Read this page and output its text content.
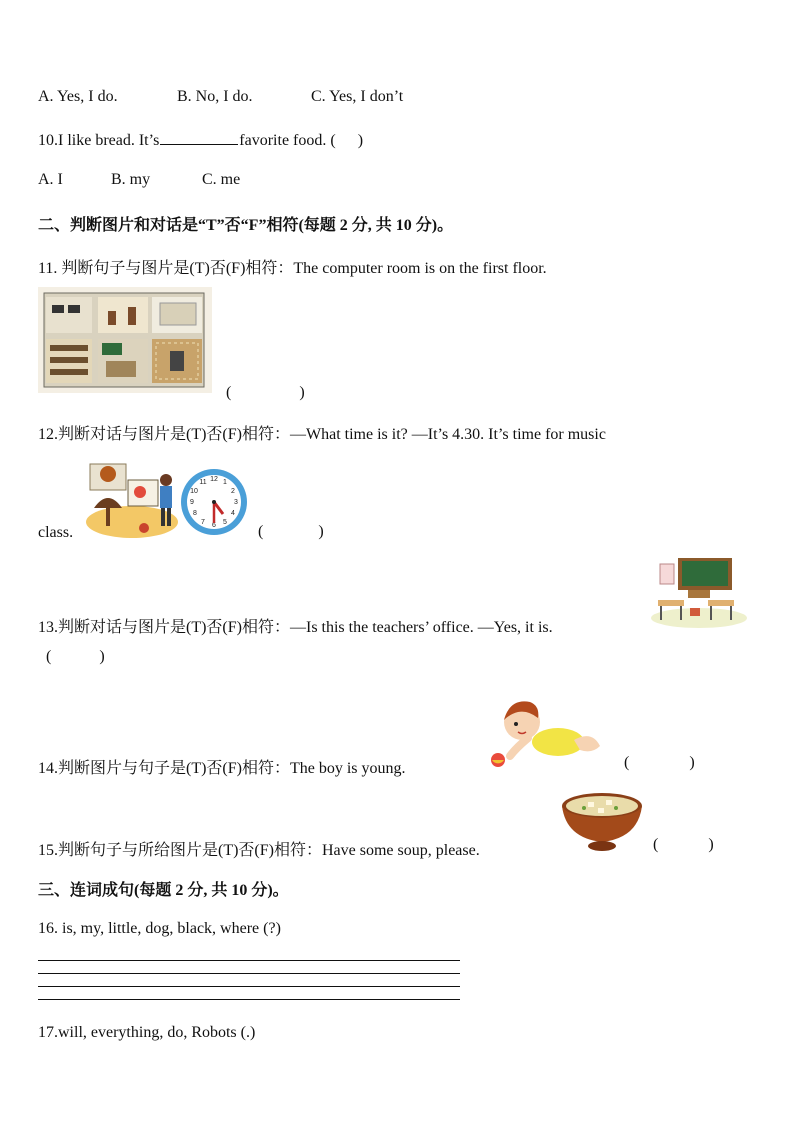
A. Yes, I do.	B. No, I do.	C. Yes, I don’t
10.I like bread. It’s	favorite food. ( )
A. I	B. my	C. me
二、判断图片和对话是“T”否“F”相符(每题 2 分, 共 10 分)。
11. 判断句子与图片是(T)否(F)相符：The computer room is on the first floor.
(	)
12.判断对话与图片是(T)否(F)相符：—What time is it? —It’s 4.30. It’s time for music
12 1
2
3
4
5
6
7
8
9
10
11
class.	(	)
13.判断对话与图片是(T)否(F)相符：—Is this the teachers’ office. —Yes, it is.
(	)
14.判断图片与句子是(T)否(F)相符：The boy is young.	(	)
15.判断句子与所给图片是(T)否(F)相符：Have some soup, please.	(	)
三、连词成句(每题 2 分, 共 10 分)。
16. is, my, little, dog, black, where (?)
17.will, everything, do, Robots (.)
